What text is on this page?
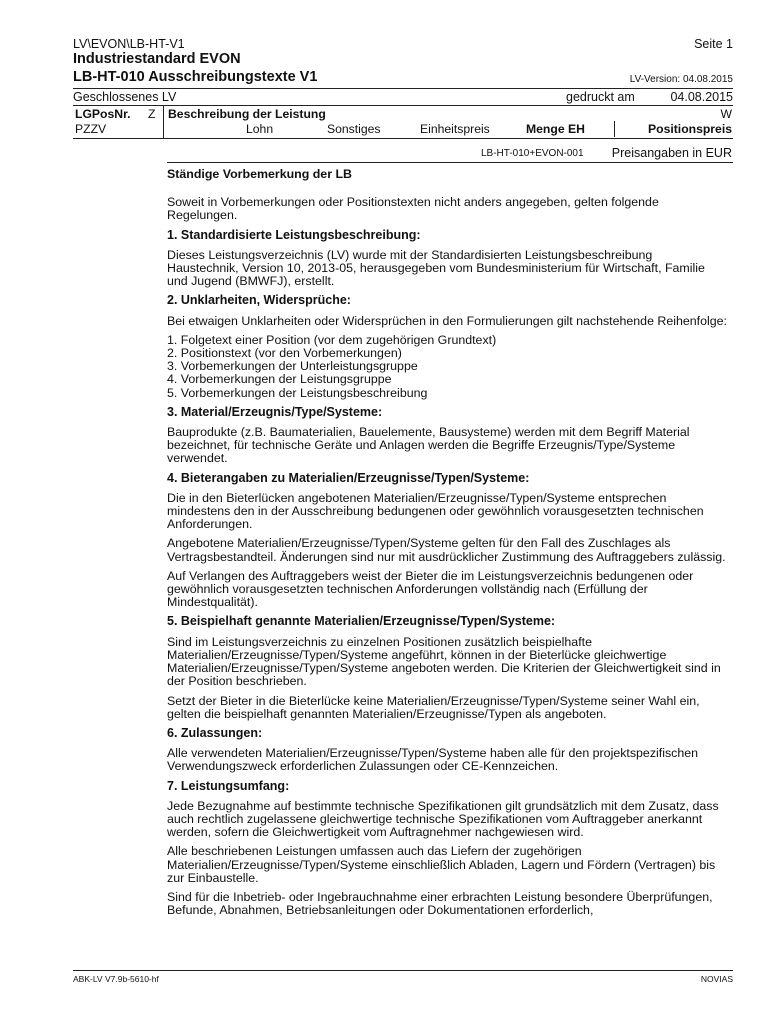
LV\EVON\LB-HT-V1	Seite 1
Industriestandard EVON
LB-HT-010 Ausschreibungstexte V1	LV-Version: 04.08.2015
Geschlossenes LV	gedruckt am	04.08.2015
LGPosNr. Z Beschreibung der Leistung	W
PZZV	Lohn	Sonstiges	Einheitspreis	Menge EH	Positionspreis
LB-HT-010+EVON-001 Preisangaben in EUR

Ständige Vorbemerkung der LB

Soweit in Vorbemerkungen oder Positionstexten nicht anders angegeben, gelten folgende Regelungen.

1. Standardisierte Leistungsbeschreibung:

Dieses Leistungsverzeichnis (LV) wurde mit der Standardisierten Leistungsbeschreibung Haustechnik, Version 10, 2013-05, herausgegeben vom Bundesministerium für Wirtschaft, Familie und Jugend (BMWFJ), erstellt.

2. Unklarheiten, Widersprüche:

Bei etwaigen Unklarheiten oder Widersprüchen in den Formulierungen gilt nachstehende Reihenfolge:

1. Folgetext einer Position (vor dem zugehörigen Grundtext)
2. Positionstext (vor den Vorbemerkungen)
3. Vorbemerkungen der Unterleistungsgruppe
4. Vorbemerkungen der Leistungsgruppe
5. Vorbemerkungen der Leistungsbeschreibung

3. Material/Erzeugnis/Type/Systeme:

Bauprodukte (z.B. Baumaterialien, Bauelemente, Bausysteme) werden mit dem Begriff Material bezeichnet, für technische Geräte und Anlagen werden die Begriffe Erzeugnis/Type/Systeme verwendet.

4. Bieterangaben zu Materialien/Erzeugnisse/Typen/Systeme:

Die in den Bieterlücken angebotenen Materialien/Erzeugnisse/Typen/Systeme entsprechen mindestens den in der Ausschreibung bedungenen oder gewöhnlich vorausgesetzten technischen Anforderungen.

Angebotene Materialien/Erzeugnisse/Typen/Systeme gelten für den Fall des Zuschlages als Vertragsbestandteil. Änderungen sind nur mit ausdrücklicher Zustimmung des Auftraggebers zulässig.

Auf Verlangen des Auftraggebers weist der Bieter die im Leistungsverzeichnis bedungenen oder gewöhnlich vorausgesetzten technischen Anforderungen vollständig nach (Erfüllung der Mindestqualität).

5. Beispielhaft genannte Materialien/Erzeugnisse/Typen/Systeme:

Sind im Leistungsverzeichnis zu einzelnen Positionen zusätzlich beispielhafte Materialien/Erzeugnisse/Typen/Systeme angeführt, können in der Bieterlücke gleichwertige Materialien/Erzeugnisse/Typen/Systeme angeboten werden. Die Kriterien der Gleichwertigkeit sind in der Position beschrieben.

Setzt der Bieter in die Bieterlücke keine Materialien/Erzeugnisse/Typen/Systeme seiner Wahl ein, gelten die beispielhaft genannten Materialien/Erzeugnisse/Typen als angeboten.

6. Zulassungen:

Alle verwendeten Materialien/Erzeugnisse/Typen/Systeme haben alle für den projektspezifischen Verwendungszweck erforderlichen Zulassungen oder CE-Kennzeichen.

7. Leistungsumfang:

Jede Bezugnahme auf bestimmte technische Spezifikationen gilt grundsätzlich mit dem Zusatz, dass auch rechtlich zugelassene gleichwertige technische Spezifikationen vom Auftraggeber anerkannt werden, sofern die Gleichwertigkeit vom Auftragnehmer nachgewiesen wird.

Alle beschriebenen Leistungen umfassen auch das Liefern der zugehörigen Materialien/Erzeugnisse/Typen/Systeme einschließlich Abladen, Lagern und Fördern (Vertragen) bis zur Einbaustelle.

Sind für die Inbetrieb- oder Ingebrauchnahme einer erbrachten Leistung besondere Überprüfungen, Befunde, Abnahmen, Betriebsanleitungen oder Dokumentationen erforderlich,

ABK-LV V7.9b-5610-hf	NOVIAS
